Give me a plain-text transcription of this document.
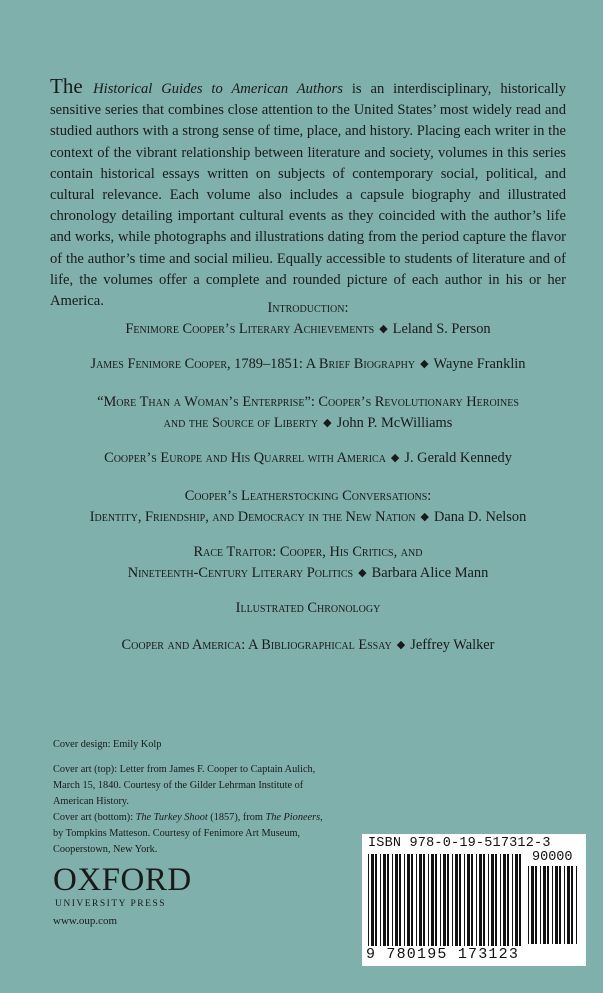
The Historical Guides to American Authors is an interdisciplinary, historically sensitive series that combines close attention to the United States’ most widely read and studied authors with a strong sense of time, place, and history. Placing each writer in the context of the vibrant relationship between literature and society, volumes in this series contain historical essays written on subjects of contemporary social, political, and cultural relevance. Each volume also includes a capsule biography and illustrated chronology detailing important cultural events as they coincided with the author’s life and works, while photographs and illustrations dating from the period capture the flavor of the author’s time and social milieu. Equally accessible to students of literature and of life, the volumes offer a complete and rounded picture of each author in his or her America.	Introduction:
Fenimore Cooper’s Literary Achievements ◆ Leland S. Person
James Fenimore Cooper, 1789–1851: A Brief Biography ◆ Wayne Franklin
“More Than a Woman’s Enterprise”: Cooper’s Revolutionary Heroines
and the Source of Liberty ◆ John P. McWilliams
Cooper’s Europe and His Quarrel with America ◆ J. Gerald Kennedy
Cooper’s Leatherstocking Conversations:
Identity, Friendship, and Democracy in the New Nation ◆ Dana D. Nelson
Race Traitor: Cooper, His Critics, and
Nineteenth-Century Literary Politics ◆ Barbara Alice Mann
Illustrated Chronology
Cooper and America: A Bibliographical Essay ◆ Jeffrey Walker

Cover design: Emily Kolp

Cover art (top): Letter from James F. Cooper to Captain Aulich, March 15, 1840. Courtesy of the Gilder Lehrman Institute of American History.

Cover art (bottom): The Turkey Shoot (1857), from The Pioneers, by Tompkins Matteson. Courtesy of Fenimore Art Museum, Cooperstown, New York.

OXFORD
UNIVERSITY PRESS
www.oup.com
ISBN 978-0-19-517312-3
90000
9 780195 173123
